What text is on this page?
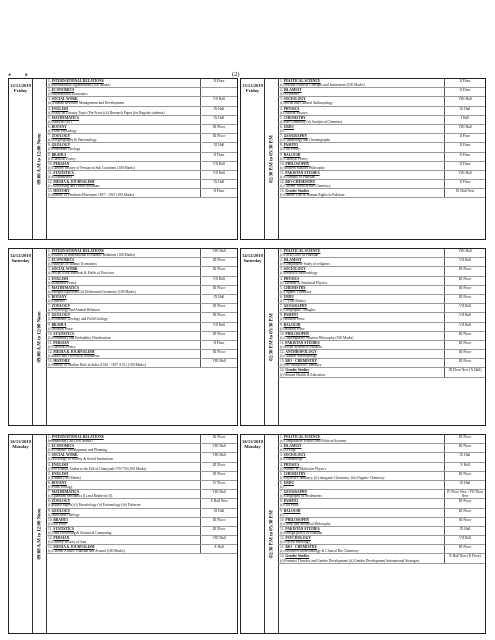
•  •	(2)
12/12/2019
Friday
09:00 A.M to 12:00 Noon
1. INTERNATIONAL RELATIONS
(i) International Organizations (200 Marks)
II Floor
2. ECONOMICS
(i) International Economics
3. SOCIAL WORK
(ii) Human Resource Management and Development
VII Hall
4. ENGLISH
(i) Essay on Literary Topic (Pre Prose) (ii) Research Paper (for Regular students)
IX Hall
5. MATHEMATICS
(i) Analysis (ii) I
IX Hall
6. BOTANY
(i) Plant Physiology
III Floor
7. ZOOLOGY
(i) Zoogeography & Paleontology
III Floor
8. GEOLOGY
(i) Petroleum Geology
XI Hall
9. BRAHUI
(i) Classical Poetry
II Floor
10. PERSIAN
(i) Literary History of Persian in Sub Continent (100 Marks)
VII Hall
11. STATISTICS
(i) Econometrics
VII Hall
12. MEDIA & JOURNALISM
(i) Advertising and Public Relations
IX Hall
13. HISTORY
(i) History of Freedom Movement 1857 - 1947 (100 Marks)
II Floor
13/12/2019
Friday
02:30 P.M to 05:30 P.M
1. POLITICAL SCIENCE
(i) Muslim Political Concepts and Institutions (100 Marks)
II Floor
2. ISLAMIAT
(i) Al-Hadith
II Floor
3. SOCIOLOGY
(i) Social and Cultural Anthropology
VIII Hall
4. PHYSICS
(i) Nuclear Physics
IX Hall
5. CHEMISTRY
(i) Bio-Chemistry (ii) Analytical Chemistry
I Hall
6. URDU
(i) ...
VIII Hall
7. GEOGRAPHY
(i) Climatology and Oceanography
II Floor
8. PASHTO
(i) Old Poetry
II Floor
9. BALOCHI
(i) Classical Poetry
II Floor
10. PHILOSOPHY
(i) Modern Muslim Philosophy
II Floor
11. PAKISTAN STUDIES
(i) Economy of Pakistan
VIII Hall
12. BIO-CHEMISTRY
(i) Current Trend in Bio-Chemistry
II Floor
13. Gender Studies
(i) Gender Law & Human Rights in Pakistan
IX Hall New
14/12/2019
Saturday
09:00 A.M to 12:00 Noon
1. INTERNATIONAL RELATIONS
(i) Politics of International Economic Relations (100 Marks)
VIII Hall
2. ECONOMICS
(i) Analysis of Islamic Economics
III Floor
3. SOCIAL WORK
(i) Social work Methods & Fields of Practices
III Floor
4. ENGLISH
(i) Romantic Poetry
VII Hall
5. MATHEMATICS
(i) Integral Equations (ii) Differential Geometry (100 Marks)
III Floor
6. BOTANY
(i) Genetics
IX Hall
7. ZOOLOGY
(i) Physiology and Animal Behavior
III Floor
8. GEOLOGY
(i) Economic Geology and Field Geology
III Floor
9. BRAHUI
(i) Modern Prose
VII Hall
10. STATISTICS
(i) Probability and Probability Distributions
III Floor
11. PERSIAN
(i) Classical Poetry
II Floor
12. MEDIA & JOURNALISM
(i) Radio and Television Journalism
III Floor
13. HISTORY
(i) History of Muslim Rule in India (1526 - 1857 A.D.) (100 Marks)
VIII Hall
14/12/2019
Saturday
02:30 P.M to 05:30 P.M
1. POLITICAL SCIENCE
(i) Local Govt. in Pakistan
VIII Hall
2. ISLAMIAT
(i) Comparative Study of religions
VII Hall
3. SOCIOLOGY
(i) Research Methodology
III Floor
4. PHYSICS
(i) Thermal & Statistical Physics
III Floor
5. CHEMISTRY
(i) Organic Chemistry
III Floor
6. URDU
(i) ... (100 Marks)
III Floor
7. GEOGRAPHY
(i) Geographic Thoughts
VII Hall
8. PASHTO
(i) Modern Prose
VII Hall
9. BALOCHI
(i) Modern Prose
VII Hall
10. PHILOSOPHY
(i) Contemporary Western Philosophy (100 Marks)
III Floor
11. PAKISTAN STUDIES
(i) Social System of Pakistan
III Floor
12. ANTHROPOLOGY
(i) Cultural Anthropology
III Floor
13. BIO - CHEMISTRY
(i) Bio-Analytical Chemistry
III Floor
14. Gender Studies
(i) Women Health & Education
III Floor New (X Hall)
16/12/2019
Monday
09:00 A.M to 12:00 Noon
1. INTERNATIONAL RELATIONS
International Law (100 Marks)
III Floor
2. ECONOMICS
(i) Economic Development and Planning
VIII Hall
3. SOCIAL WORK
(i) Sociology of Society & Social Institutions
VIII Hall
4. ENGLISH
(i) Pre Islamic Arabia to the Fall of Umayyads 570-750 (100 Marks)
III Floor
5. ENGLISH
(i) Drama (100 Marks)
III Floor
6. BOTANY
(i) Plant Ecology
IV Floor
7. MATHEMATICS
(i) Quantum Mechanics (I) and Relativity (I)
VIII Hall
8. ZOOLOGY
(Optional Papers) (i) Parasitology (ii) Entomology (iii) Fisheries
X Hall New
9. GEOLOGY
(i) Structural Geology
XI Hall
10. BRAHUI
(i) Old Prose
III Floor
11. STATISTICS
(i) Data Processing & Statistical Computing
III Floor
12. PERSIAN
(i) Literary History of Iran
VIII Hall
13. MEDIA & JOURNALISM
(i) Current Affairs: Pakistan and Around (100 Marks)
X Hall
16/12/2019
Monday
02:30 P.M to 05:30 P.M
1. POLITICAL SCIENCE
(i) Comparative Politics and Political Systems
III Floor
2. ISLAMIAT
(i) Al-Fiqh
III Floor
3. SOCIOLOGY
(i) Criminology
IX Hall
4. PHYSICS
(i) Atomic & Molecular Physics
X Hall
5. CHEMISTRY
(i) Physical Chemistry; (ii) Inorganic Chemistry; (iii) Organic Chemistry
III Floor
6. URDU
(i) ...
IX Hall
7. GEOGRAPHY
(i) Geography of Settlements
IV Floor New / VII Floor New
8. PASHTO
(i) Old Prose
III Floor
9. BALOCHI
(i) ...
III Floor
10. PHILOSOPHY
(i) Greek and Medieval Philosophy
III Floor
11. PAKISTAN STUDIES
(i) Foreign policy of Pakistan
IX Hall
12. PSYCHOLOGY
(i) Psycho Pathology
VII Hall
13. BIO - CHEMISTRY
(i) Advanced Biotechnology & Clinical Bio Chemistry
III Floor
14. Gender Studies
(i) Feminist Theories and Gender Development (ii) Gender Development International Strategies
X Hall New (II Floor)
